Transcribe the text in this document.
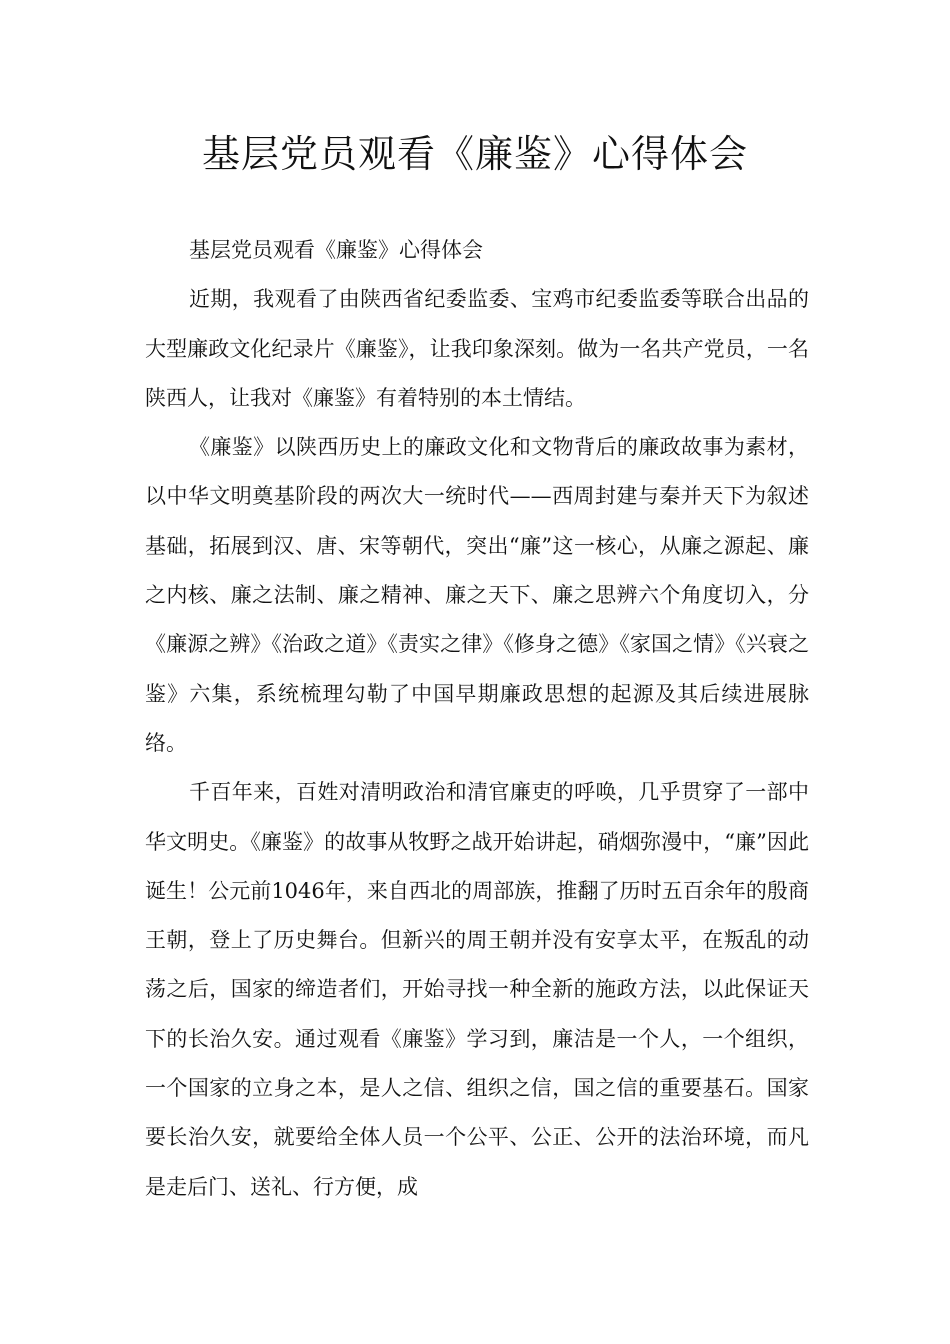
基层党员观看《廉鉴》心得体会

基层党员观看《廉鉴》心得体会

近期，我观看了由陕西省纪委监委、宝鸡市纪委监委等联合出品的大型廉政文化纪录片《廉鉴》，让我印象深刻。做为一名共产党员，一名陕西人，让我对《廉鉴》有着特别的本土情结。

《廉鉴》以陕西历史上的廉政文化和文物背后的廉政故事为素材，以中华文明奠基阶段的两次大一统时代——西周封建与秦并天下为叙述基础，拓展到汉、唐、宋等朝代，突出“廉”这一核心，从廉之源起、廉之内核、廉之法制、廉之精神、廉之天下、廉之思辨六个角度切入，分《廉源之辨》《治政之道》《责实之律》《修身之德》《家国之情》《兴衰之鉴》六集，系统梳理勾勒了中国早期廉政思想的起源及其后续进展脉络。

千百年来，百姓对清明政治和清官廉吏的呼唤，几乎贯穿了一部中华文明史。《廉鉴》的故事从牧野之战开始讲起，硝烟弥漫中，“廉”因此诞生！公元前1046年，来自西北的周部族，推翻了历时五百余年的殷商王朝，登上了历史舞台。但新兴的周王朝并没有安享太平，在叛乱的动荡之后，国家的缔造者们，开始寻找一种全新的施政方法，以此保证天下的长治久安。通过观看《廉鉴》学习到，廉洁是一个人，一个组织，一个国家的立身之本，是人之信、组织之信，国之信的重要基石。国家要长治久安，就要给全体人员一个公平、公正、公开的法治环境，而凡是走后门、送礼、行方便，成
